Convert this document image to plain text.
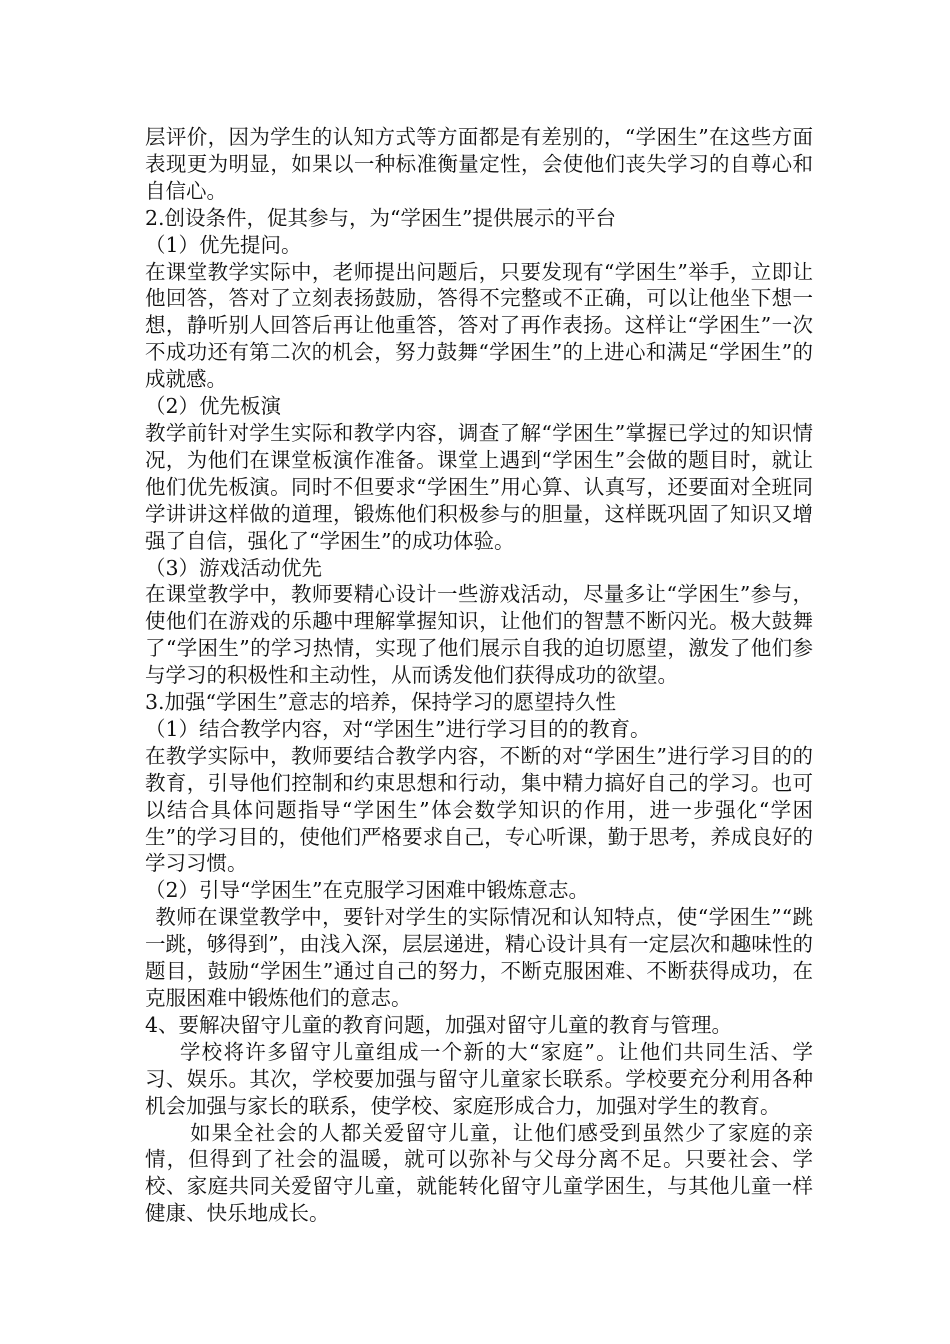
层评价，因为学生的认知方式等方面都是有差别的，“学困生”在这些方面表现更为明显，如果以一种标准衡量定性，会使他们丧失学习的自尊心和自信心。

2.创设条件，促其参与，为“学困生”提供展示的平台

（1）优先提问。

在课堂教学实际中，老师提出问题后，只要发现有“学困生”举手，立即让他回答，答对了立刻表扬鼓励，答得不完整或不正确，可以让他坐下想一想，静听别人回答后再让他重答，答对了再作表扬。这样让“学困生”一次不成功还有第二次的机会，努力鼓舞“学困生”的上进心和满足“学困生”的成就感。

（2）优先板演

教学前针对学生实际和教学内容，调查了解“学困生”掌握已学过的知识情况，为他们在课堂板演作准备。课堂上遇到“学困生”会做的题目时，就让他们优先板演。同时不但要求“学困生”用心算、认真写，还要面对全班同学讲讲这样做的道理，锻炼他们积极参与的胆量，这样既巩固了知识又增强了自信，强化了“学困生”的成功体验。

（3）游戏活动优先

在课堂教学中，教师要精心设计一些游戏活动，尽量多让“学困生”参与，使他们在游戏的乐趣中理解掌握知识，让他们的智慧不断闪光。极大鼓舞了“学困生”的学习热情，实现了他们展示自我的迫切愿望，激发了他们参与学习的积极性和主动性，从而诱发他们获得成功的欲望。

3.加强“学困生”意志的培养，保持学习的愿望持久性

（1）结合教学内容，对“学困生”进行学习目的的教育。

在教学实际中，教师要结合教学内容，不断的对“学困生”进行学习目的的教育，引导他们控制和约束思想和行动，集中精力搞好自己的学习。也可以结合具体问题指导“学困生”体会数学知识的作用，进一步强化“学困生”的学习目的，使他们严格要求自己，专心听课，勤于思考，养成良好的学习习惯。

（2）引导“学困生”在克服学习困难中锻炼意志。

教师在课堂教学中，要针对学生的实际情况和认知特点，使“学困生”“跳一跳，够得到”，由浅入深，层层递进，精心设计具有一定层次和趣味性的题目，鼓励“学困生”通过自己的努力，不断克服困难、不断获得成功，在克服困难中锻炼他们的意志。

4、要解决留守儿童的教育问题，加强对留守儿童的教育与管理。

学校将许多留守儿童组成一个新的大“家庭”。让他们共同生活、学习、娱乐。其次，学校要加强与留守儿童家长联系。学校要充分利用各种机会加强与家长的联系，使学校、家庭形成合力，加强对学生的教育。

如果全社会的人都关爱留守儿童，让他们感受到虽然少了家庭的亲情，但得到了社会的温暖，就可以弥补与父母分离不足。只要社会、学校、家庭共同关爱留守儿童，就能转化留守儿童学困生，与其他儿童一样健康、快乐地成长。
